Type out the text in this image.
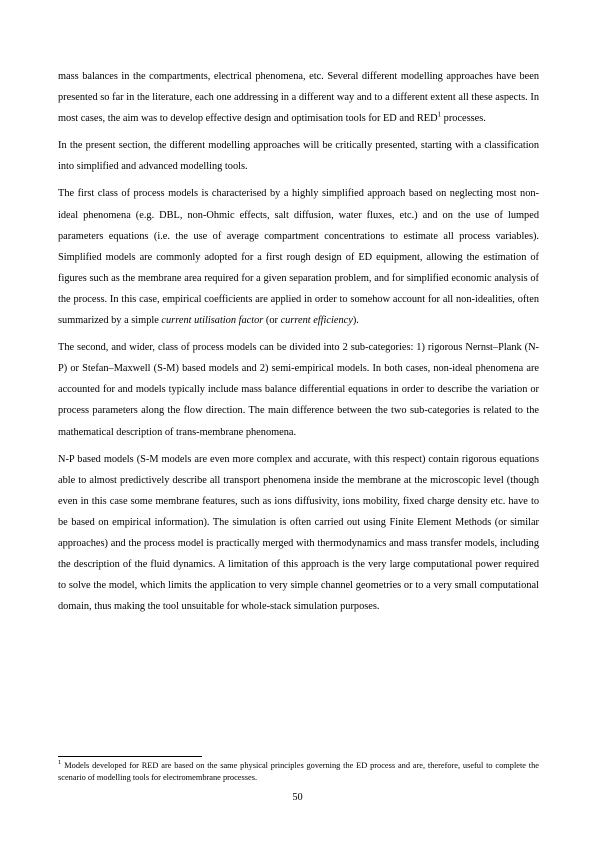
mass balances in the compartments, electrical phenomena, etc. Several different modelling approaches have been presented so far in the literature, each one addressing in a different way and to a different extent all these aspects. In most cases, the aim was to develop effective design and optimisation tools for ED and RED$^1$ processes.

In the present section, the different modelling approaches will be critically presented, starting with a classification into simplified and advanced modelling tools.

The first class of process models is characterised by a highly simplified approach based on neglecting most non-ideal phenomena (e.g. DBL, non-Ohmic effects, salt diffusion, water fluxes, etc.) and on the use of lumped parameters equations (i.e. the use of average compartment concentrations to estimate all process variables). Simplified models are commonly adopted for a first rough design of ED equipment, allowing the estimation of figures such as the membrane area required for a given separation problem, and for simplified economic analysis of the process. In this case, empirical coefficients are applied in order to somehow account for all non-idealities, often summarized by a simple current utilisation factor (or current efficiency).

The second, and wider, class of process models can be divided into 2 sub-categories: 1) rigorous Nernst–Plank (N-P) or Stefan–Maxwell (S-M) based models and 2) semi-empirical models. In both cases, non-ideal phenomena are accounted for and models typically include mass balance differential equations in order to describe the variation or process parameters along the flow direction. The main difference between the two sub-categories is related to the mathematical description of trans-membrane phenomena.

N-P based models (S-M models are even more complex and accurate, with this respect) contain rigorous equations able to almost predictively describe all transport phenomena inside the membrane at the microscopic level (though even in this case some membrane features, such as ions diffusivity, ions mobility, fixed charge density etc. have to be based on empirical information). The simulation is often carried out using Finite Element Methods (or similar approaches) and the process model is practically merged with thermodynamics and mass transfer models, including the description of the fluid dynamics. A limitation of this approach is the very large computational power required to solve the model, which limits the application to very simple channel geometries or to a very small computational domain, thus making the tool unsuitable for whole-stack simulation purposes.

$^1$ Models developed for RED are based on the same physical principles governing the ED process and are, therefore, useful to complete the scenario of modelling tools for electromembrane processes.
50
